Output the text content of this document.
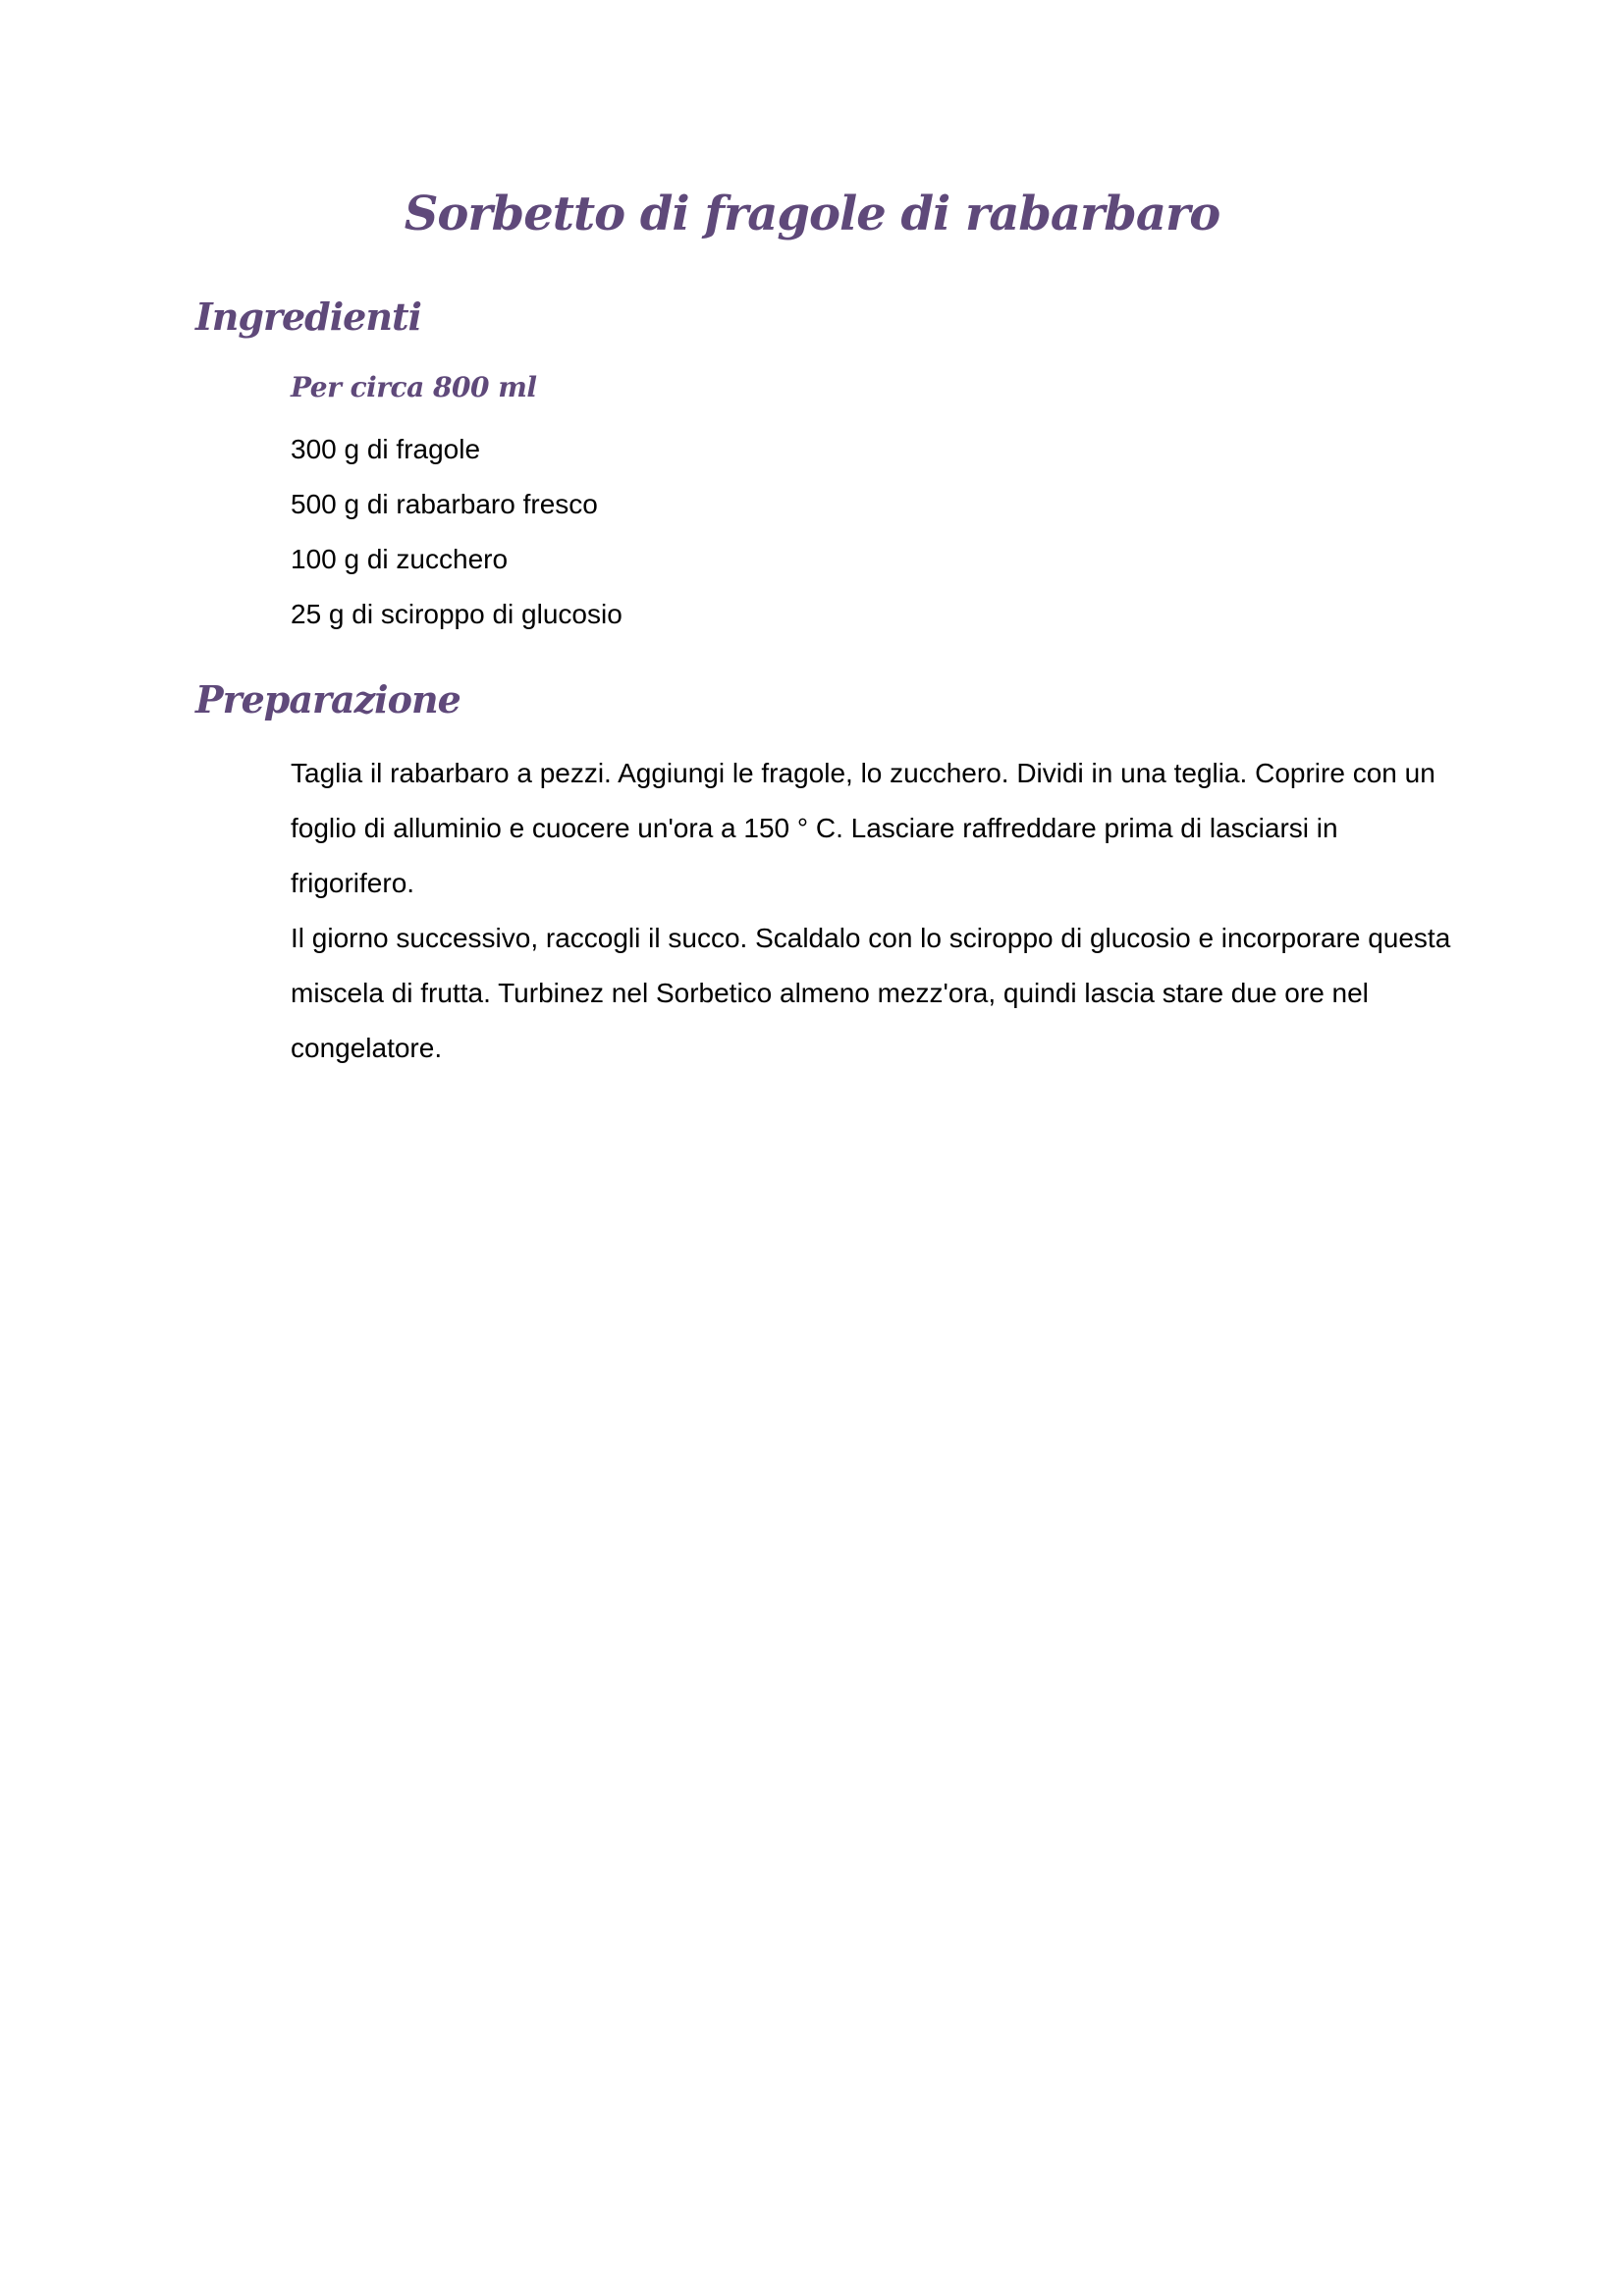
Sorbetto di fragole di rabarbaro
Ingredienti

Per circa 800 ml

300 g di fragole
500 g di rabarbaro fresco
100 g di zucchero
25 g di sciroppo di glucosio
Preparazione

Taglia il rabarbaro a pezzi. Aggiungi le fragole, lo zucchero. Dividi in una teglia. Coprire con un foglio di alluminio e cuocere un'ora a 150 ° C. Lasciare raffreddare prima di lasciarsi in frigorifero.

Il giorno successivo, raccogli il succo. Scaldalo con lo sciroppo di glucosio e incorporare questa miscela di frutta. Turbinez nel Sorbetico almeno mezz'ora, quindi lascia stare due ore nel congelatore.
